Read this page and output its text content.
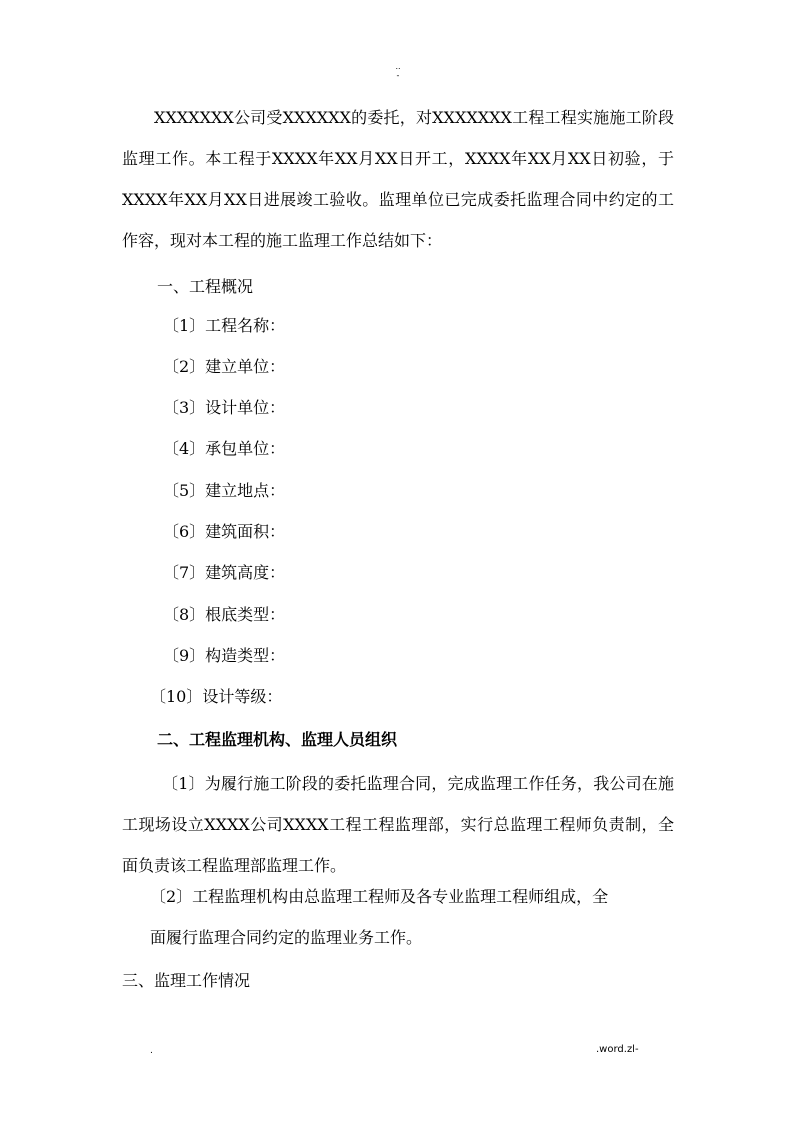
..
-

XXXXXXX公司受XXXXXX的委托，对XXXXXXX工程工程实施施工阶段监理工作。本工程于XXXX年XX月XX日开工，XXXX年XX月XX日初验，于XXXX年XX月XX日进展竣工验收。监理单位已完成委托监理合同中约定的工作容，现对本工程的施工监理工作总结如下：

一、工程概况
〔1〕工程名称：
〔2〕建立单位：
〔3〕设计单位：
〔4〕承包单位：
〔5〕建立地点：
〔6〕建筑面积：
〔7〕建筑高度：
〔8〕根底类型：
〔9〕构造类型：
〔10〕设计等级：
二、工程监理机构、监理人员组织

〔1〕为履行施工阶段的委托监理合同，完成监理工作任务，我公司在施工现场设立XXXX公司XXXX工程工程监理部，实行总监理工程师负责制，全面负责该工程监理部监理工作。

〔2〕工程监理机构由总监理工程师及各专业监理工程师组成，全
面履行监理合同约定的监理业务工作。
三、监理工作情况
.	.word.zl-
